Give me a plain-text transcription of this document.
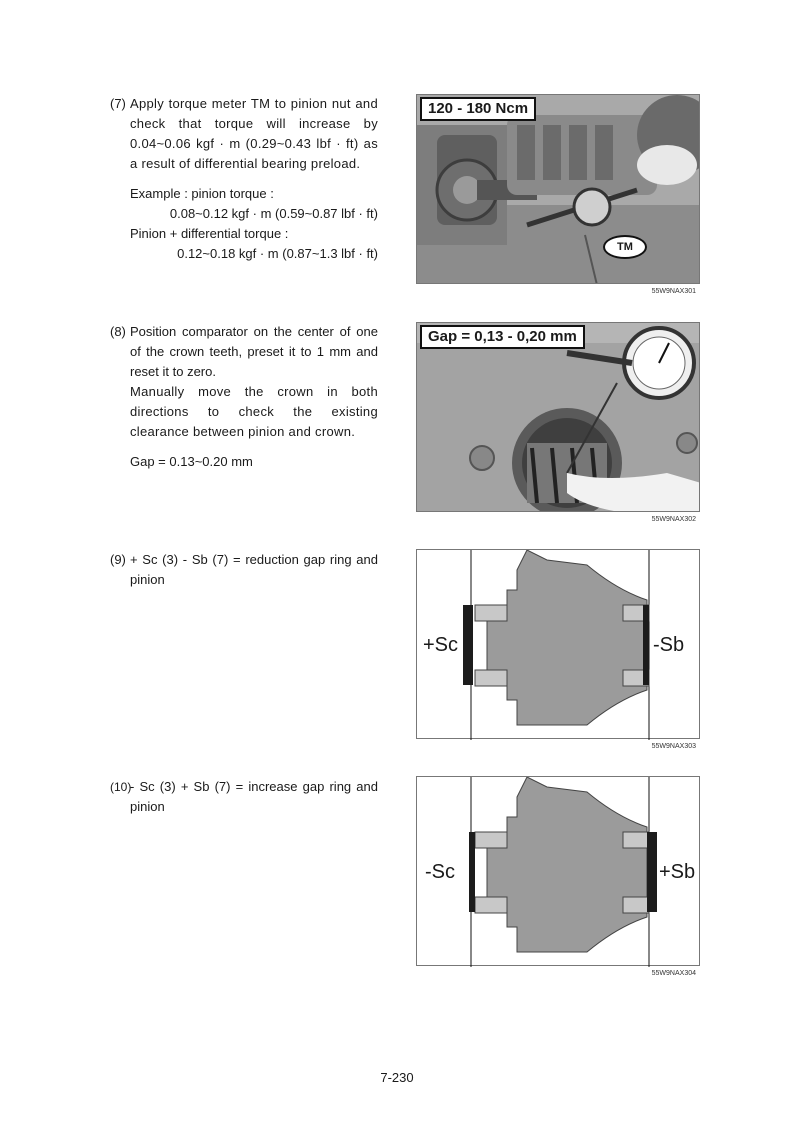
(7) Apply torque meter TM to pinion nut and check that torque will increase by 0.04~0.06 kgf · m (0.29~0.43 lbf · ft) as a result of differential bearing preload.

Example : pinion torque :
0.08~0.12 kgf · m (0.59~0.87 lbf · ft)
Pinion + differential torque :
0.12~0.18 kgf · m (0.87~1.3 lbf · ft)
120 - 180 Ncm
TM
55W9NAX301
(8) Position comparator on the center of one of the crown teeth, preset it to 1 mm and reset it to zero.

Manually move the crown in both directions to check the existing clearance between pinion and crown.

Gap = 0.13~0.20 mm
Gap = 0,13 - 0,20 mm
55W9NAX302
(9) + Sc (3) - Sb (7) = reduction gap ring and pinion

+Sc	-Sb
55W9NAX303
(10)

- Sc (3) + Sb (7) = increase gap ring and pinion

-Sc	+Sb
55W9NAX304
7-230
